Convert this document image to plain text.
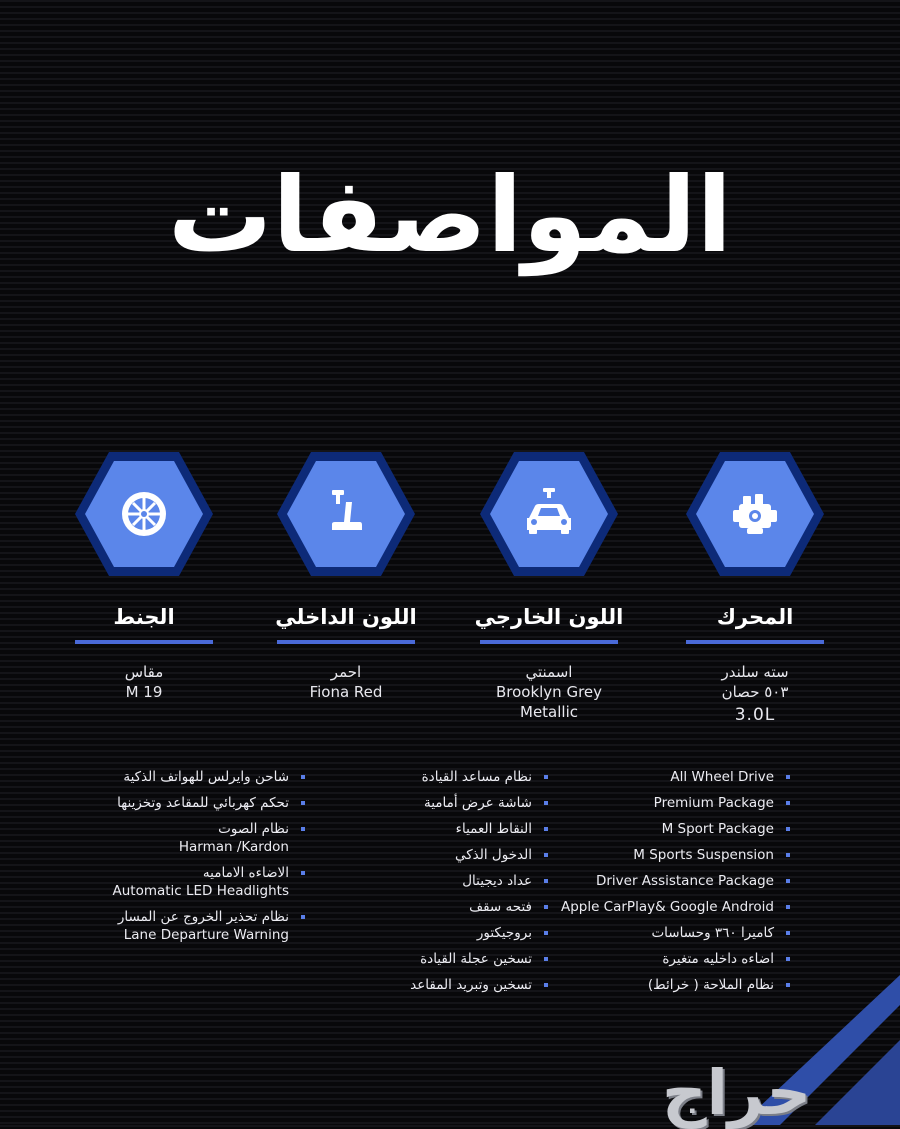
المواصفات
المحرك
سته سلندر
٥٠٣ حصان
3.0L
اللون الخارجي
اسمنتي
Brooklyn Grey
Metallic
اللون الداخلي
احمر
Fiona Red
الجنط
مقاس
M 19
All Wheel Drive
Premium Package
M Sport Package
M Sports Suspension
Driver Assistance Package
Apple CarPlay& Google Android
كاميرا ٣٦٠ وحساسات
اضاءه داخليه متغيرة
نظام الملاحة ( خرائط)
نظام مساعد القيادة
شاشة عرض أمامية
النقاط العمياء
الدخول الذكي
عداد ديجيتال
فتحه سقف
بروجيكتور
تسخين عجلة القيادة
تسخين وتبريد المقاعد
شاحن وايرلس للهواتف الذكية
تحكم كهربائي للمقاعد وتخزينها
نظام الصوت
Harman /Kardon
الاضاءه الاماميه
Automatic LED Headlights
نظام تحذير الخروج عن المسار
Lane Departure Warning
حراج
